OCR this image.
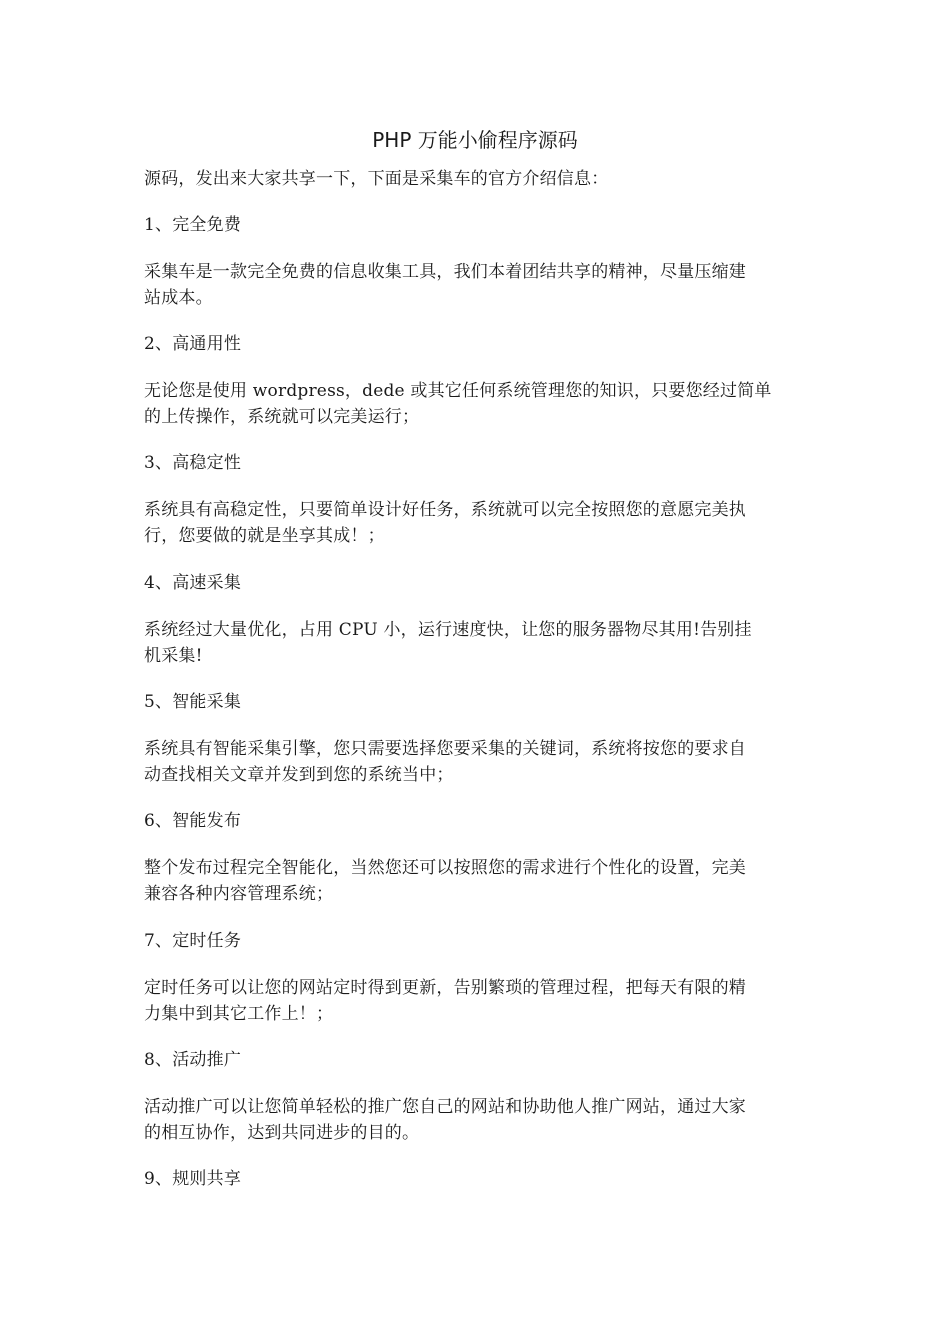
PHP 万能小偷程序源码
源码，发出来大家共享一下，下面是采集车的官方介绍信息：
1、完全免费
采集车是一款完全免费的信息收集工具，我们本着团结共享的精神，尽量压缩建
站成本。
2、高通用性
无论您是使用 wordpress，dede 或其它任何系统管理您的知识，只要您经过简单
的上传操作，系统就可以完美运行；
3、高稳定性
系统具有高稳定性，只要简单设计好任务，系统就可以完全按照您的意愿完美执
行，您要做的就是坐享其成！；
4、高速采集
系统经过大量优化，占用 CPU 小，运行速度快，让您的服务器物尽其用!告别挂
机采集!
5、智能采集
系统具有智能采集引擎，您只需要选择您要采集的关键词，系统将按您的要求自
动查找相关文章并发到到您的系统当中；
6、智能发布
整个发布过程完全智能化，当然您还可以按照您的需求进行个性化的设置，完美
兼容各种内容管理系统；
7、定时任务
定时任务可以让您的网站定时得到更新，告别繁琐的管理过程，把每天有限的精
力集中到其它工作上！；
8、活动推广
活动推广可以让您简单轻松的推广您自己的网站和协助他人推广网站，通过大家
的相互协作，达到共同进步的目的。
9、规则共享
